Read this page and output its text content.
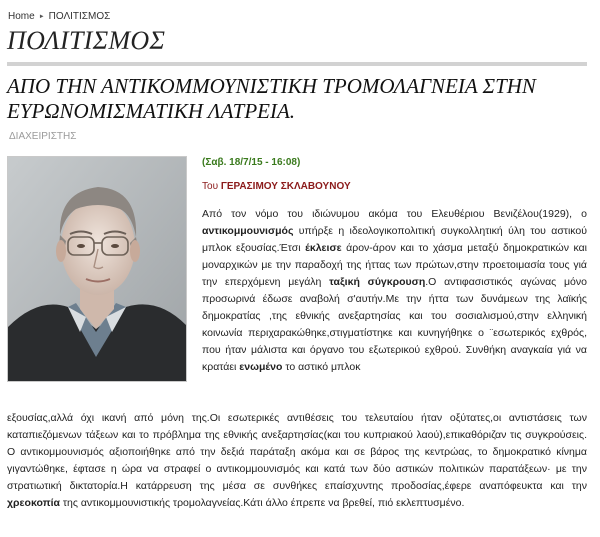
Home ► ΠΟΛΙΤΙΣΜΟΣ
ΠΟΛΙΤΙΣΜΟΣ
ΑΠΟ ΤΗΝ ΑΝΤΙΚΟΜΜΟΥΝΙΣΤΙΚΗ ΤΡΟΜΟΛΑΓΝΕΙΑ ΣΤΗΝ ΕΥΡΩΝΟΜΙΣΜΑΤΙΚΗ ΛΑΤΡΕΙΑ.
ΔΙΑΧΕΙΡΙΣΤΗΣ
(Σαβ. 18/7/15 - 16:08)
Του ΓΕΡΑΣΙΜΟΥ ΣΚΛΑΒΟΥΝΟΥ

Από τον νόμο του ιδιώνυμου ακόμα του Ελευθέριου Βενιζέλου(1929), ο αντικομμουνισμός υπήρξε η ιδεολογικοπολιτική συγκολλητική ύλη του αστικού μπλοκ εξουσίας.Έτσι έκλεισε άρον-άρον και το χάσμα μεταξύ δημοκρατικών και μοναρχικών με την παραδοχή της ήττας των πρώτων,στην προετοιμασία τους γιά την επερχόμενη μεγάλη ταξική σύγκρουση.Ο αντιφασιστικός αγώνας μόνο προσωρινά έδωσε αναβολή σ'αυτήν.Με την ήττα των δυνάμεων της λαϊκής δημοκρατίας ,της εθνικής ανεξαρτησίας και του σοσιαλισμού,στην ελληνική κοινωνία περιχαρακώθηκε,στιγματίστηκε και κυνηγήθηκε ο ¨εσωτερικός εχθρός, που ήταν μάλιστα και όργανο του εξωτερικού εχθρού. Συνθήκη αναγκαία γιά να κρατάει ενωμένο το αστικό μπλοκ

εξουσίας,αλλά όχι ικανή από μόνη της.Οι εσωτερικές αντιθέσεις του τελευταίου ήταν οξύτατες,οι αντιστάσεις των καταπιεζόμενων τάξεων και το πρόβλημα της εθνικής ανεξαρτησίας(και του κυπριακού λαού),επικαθόριζαν τις συγκρούσεις. Ο αντικομμουνισμός αξιοποιήθηκε από την δεξιά παράταξη ακόμα και σε βάρος της κεντρώας, το δημοκρατικό κίνημα γιγαντώθηκε, έφτασε η ώρα να στραφεί ο αντικομμουνισμός και κατά των δύο αστικών πολιτικών παρατάξεων· με την στρατιωτική δικτατορία.Η κατάρρευση της μέσα σε συνθήκες επαίσχυντης προδοσίας,έφερε αναπόφευκτα και την χρεοκοπία της αντικομμουνιστικής τρομολαγνείας.Κάτι άλλο έπρεπε να βρεθεί, πιό εκλεπτυσμένο.
